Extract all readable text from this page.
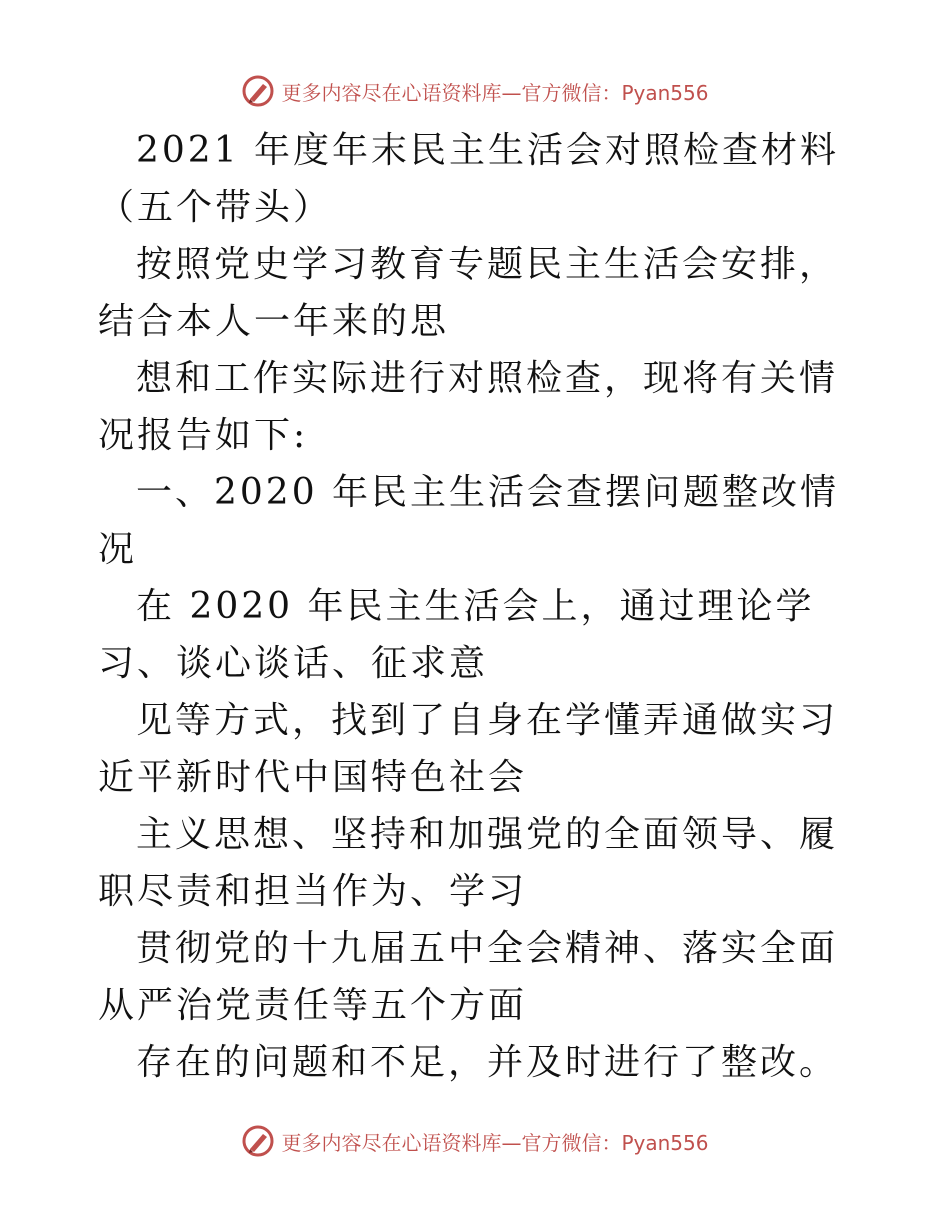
更多内容尽在心语资料库—官方微信：Pyan556

2021 年度年末民主生活会对照检查材料（五个带头）

按照党史学习教育专题民主生活会安排，结合本人一年来的思

想和工作实际进行对照检查，现将有关情况报告如下:

一、2020 年民主生活会查摆问题整改情况

在 2020 年民主生活会上，通过理论学习、谈心谈话、征求意

见等方式，找到了自身在学懂弄通做实习近平新时代中国特色社会

主义思想、坚持和加强党的全面领导、履职尽责和担当作为、学习

贯彻党的十九届五中全会精神、落实全面从严治党责任等五个方面

存在的问题和不足，并及时进行了整改。

更多内容尽在心语资料库—官方微信：Pyan556
